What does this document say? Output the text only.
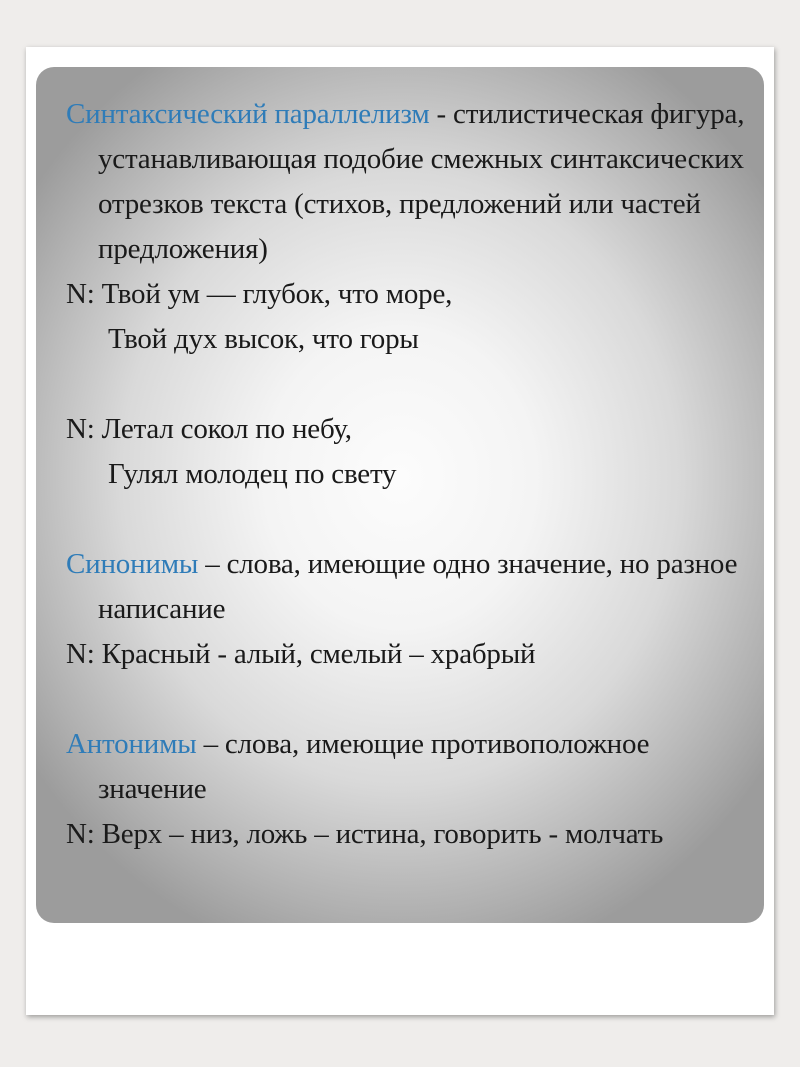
Синтаксический параллелизм - стилистическая фигура, устанавливающая подобие смежных синтаксических отрезков текста (стихов, предложений или частей предложения)

N: Твой ум — глубок, что море,

Твой дух высок, что горы

N: Летал сокол по небу,

Гулял молодец по свету

Синонимы – слова, имеющие одно значение, но разное написание

N: Красный - алый, смелый – храбрый

Антонимы – слова, имеющие противоположное значение

N: Верх – низ, ложь – истина, говорить - молчать
